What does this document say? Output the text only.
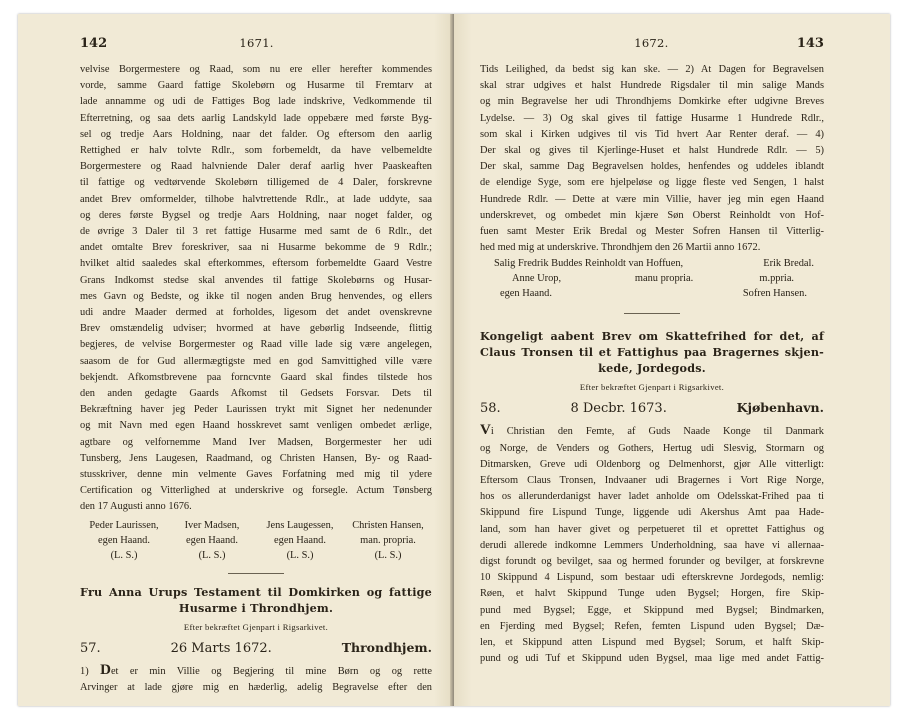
142	1671.
velvise Borgermestere og Raad, som nu ere eller herefter kommendes
vorde, samme Gaard fattige Skolebørn og Husarme til Fremtarv at
lade annamme og udi de Fattiges Bog lade indskrive, Vedkommende til
Efterretning, og saa dets aarlig Landskyld lade oppebære med første Byg-
sel og tredje Aars Holdning, naar det falder. Og eftersom den aarlig
Rettighed er halv tolvte Rdlr., som forbemeldt, da have velbemeldte
Borgermestere og Raad halvniende Daler deraf aarlig hver Paaskeaften
til fattige og vedtørvende Skolebørn tilligemed de 4 Daler, forskrevne
andet Brev omformelder, tilhobe halvtrettende Rdlr., at lade uddyte, saa
og deres første Bygsel og tredje Aars Holdning, naar noget falder, og
de øvrige 3 Daler til 3 ret fattige Husarme med samt de 6 Rdlr., det
andet omtalte Brev foreskriver, saa ni Husarme bekomme de 9 Rdlr.;
hvilket altid saaledes skal efterkommes, eftersom forbemeldte Gaard Vestre
Grans Indkomst stedse skal anvendes til fattige Skolebørns og Husar-
mes Gavn og Bedste, og ikke til nogen anden Brug henvendes, og ellers
udi andre Maader dermed at forholdes, ligesom det andet ovenskrevne
Brev omstændelig udviser; hvormed at have gebørlig Indseende, flittig
begjeres, de velvise Borgermester og Raad ville lade sig være angelegen,
saasom de for Gud allermægtigste med en god Samvittighed ville være
bekjendt. Afkomstbrevene paa forncvnte Gaard skal findes tilstede hos
den anden gedagte Gaards Afkomst til Gedsets Forsvar. Dets til
Bekræftning haver jeg Peder Laurissen trykt mit Signet her nedenunder
og mit Navn med egen Haand hosskrevet samt venligen ombedet ærlige,
agtbare og velfornemme Mand Iver Madsen, Borgermester her udi
Tunsberg, Jens Laugesen, Raadmand, og Christen Hansen, By- og Raad-
stusskriver, denne min velmente Gaves Forfatning med mig til ydere
Certification og Vitterlighed at underskrive og forsegle. Actum Tønsberg
den 17 Augusti anno 1676.
Peder Laurissen,	Iver Madsen,	Jens Laugessen,	Christen Hansen,
egen Haand.	egen Haand.	egen Haand.	man. propria.
(L. S.)	(L. S.)	(L. S.)	(L. S.)
Fru Anna Urups Testament til Domkirken og fattige
Husarme i Throndhjem.
Efter bekræftet Gjenpart i Rigsarkivet.
57.	26 Marts 1672.	Throndhjem.
1) Det er min Villie og Begjering til mine Børn og og rette
Arvinger at lade gjøre mig en hæderlig, adelig Begravelse efter den
1672.	143
Tids Leilighed, da bedst sig kan ske. — 2) At Dagen for Begravelsen
skal strar udgives et halst Hundrede Rigsdaler til min salige Mands
og min Begravelse her udi Throndhjems Domkirke efter udgivne Breves
Lydelse. — 3) Og skal gives til fattige Husarme 1 Hundrede Rdlr.,
som skal i Kirken udgives til vis Tid hvert Aar Renter deraf. — 4)
Der skal og gives til Kjerlinge-Huset et halst Hundrede Rdlr. — 5)
Der skal, samme Dag Begravelsen holdes, henfendes og uddeles iblandt
de elendige Syge, som ere hjelpeløse og ligge fleste ved Sengen, 1 halst
Hundrede Rdlr. — Dette at være min Villie, haver jeg min egen Haand
underskrevet, og ombedet min kjære Søn Oberst Reinholdt von Hof-
fuen samt Mester Erik Bredal og Mester Sofren Hansen til Vitterlig-
hed med mig at underskrive. Throndhjem den 26 Martii anno 1672.
Salig Fredrik Buddes Reinholdt van Hoffuen,	Erik Bredal.
Anne Urop,	manu propria.	m.ppria.
egen Haand.	Sofren Hansen.
Kongeligt aabent Brev om Skattefrihed for det, af
Claus Tronsen til et Fattighus paa Bragernes skjen-
kede, Jordegods.
Efter bekræftet Gjenpart i Rigsarkivet.
58.	8 Decbr. 1673.	Kjøbenhavn.
Vi Christian den Femte, af Guds Naade Konge til Danmark
og Norge, de Venders og Gothers, Hertug udi Slesvig, Stormarn og
Ditmarsken, Greve udi Oldenborg og Delmenhorst, gjør Alle vitterligt:
Eftersom Claus Tronsen, Indvaaner udi Bragernes i Vort Rige Norge,
hos os allerunderdanigst haver ladet anholde om Odelsskat-Frihed paa ti
Skippund fire Lispund Tunge, liggende udi Akershus Amt paa Hade-
land, som han haver givet og perpetueret til et oprettet Fattighus og
derudi allerede indkomne Lemmers Underholdning, saa have vi allernaa-
digst forundt og bevilget, saa og hermed forunder og bevilger, at forskrevne
10 Skippund 4 Lispund, som bestaar udi efterskrevne Jordegods, nemlig:
Røen, et halvt Skippund Tunge uden Bygsel; Horgen, fire Skip-
pund med Bygsel; Egge, et Skippund med Bygsel; Bindmarken,
en Fjerding med Bygsel; Refen, femten Lispund uden Bygsel; Dæ-
len, et Skippund atten Lispund med Bygsel; Sorum, et halft Skip-
pund og udi Tuf et Skippund uden Bygsel, maa lige med andet Fattig-
